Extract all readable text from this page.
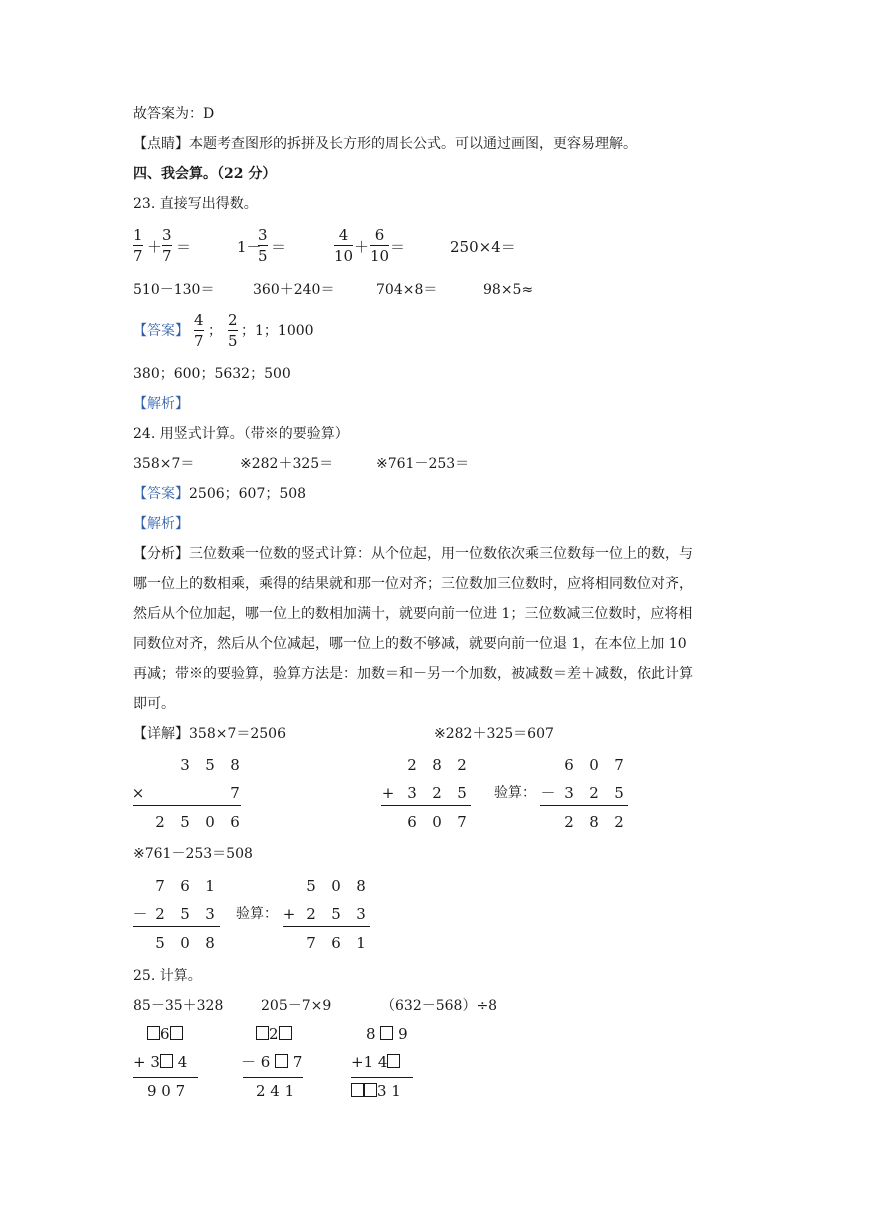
故答案为：D
【点睛】本题考查图形的拆拼及长方形的周长公式。可以通过画图，更容易理解。
四、我会算。（22 分）
23. 直接写出得数。
1
7 ＋
3
7 ＝	1－
3
5 ＝
4
10 ＋
6
10 ＝	250×4＝
510－130＝	360＋240＝	704×8＝	98×5≈
【答案】
4
7
；
2
5
；1；1000
380；600；5632；500
【解析】
24. 用竖式计算。（带※的要验算）
358×7＝	※282＋325＝	※761－253＝
【答案】2506；607；508
【解析】
【分析】三位数乘一位数的竖式计算：从个位起，用一位数依次乘三位数每一位上的数，与
哪一位上的数相乘，乘得的结果就和那一位对齐；三位数加三位数时，应将相同数位对齐，
然后从个位加起，哪一位上的数相加满十，就要向前一位进 1；三位数减三位数时，应将相
同数位对齐，然后从个位减起，哪一位上的数不够减，就要向前一位退 1，在本位上加 10
再减；带※的要验算，验算方法是：加数＝和－另一个加数，被减数＝差＋减数，依此计算
即可。
【详解】358×7＝2506	※282＋325＝607
3	5	8
×	7
2	5	0	6
2	8	2
+ 3	2	5
6	0	7
验算：
6	0	7
－ 3	2	5
2	8	2
※761－253＝508
7	6	1
－ 2	5	3
5	0	8
验算：
5	0	8
+ 2	5	3
7	6	1
25. 计算。
85－35＋328	205－7×9	（632－568）÷8
6
+ 3 4
9 0 7
2
－ 6 7
2 4 1
8 9
+1 4
3 1
